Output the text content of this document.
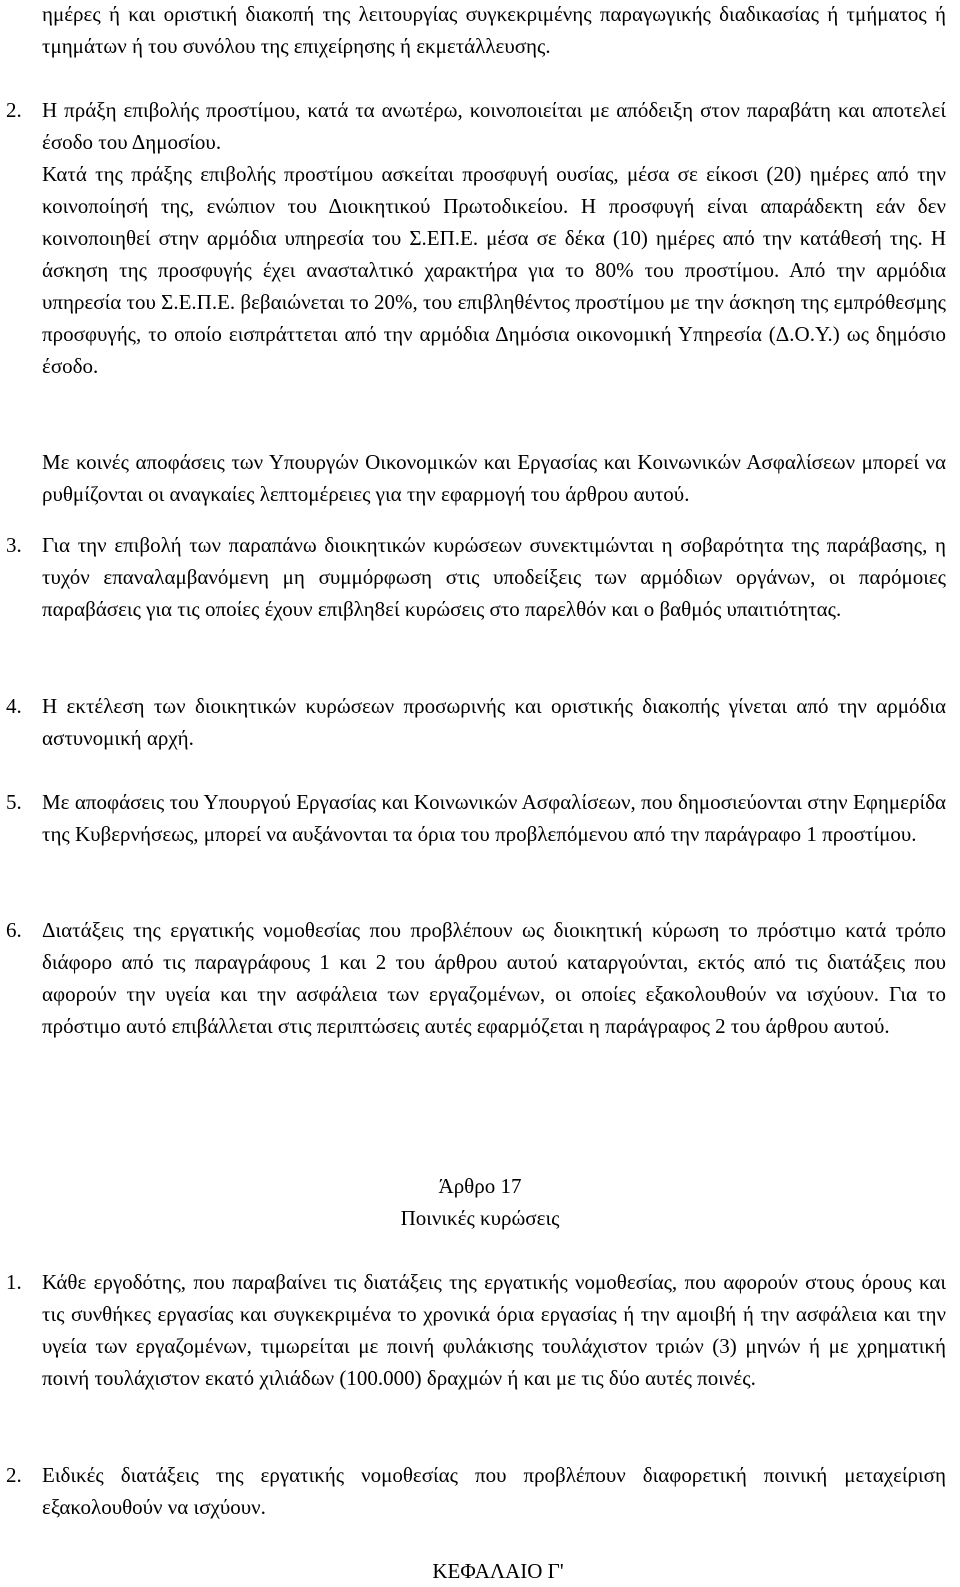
ημέρες ή και οριστική διακοπή της λειτουργίας συγκεκριμένης παραγωγικής διαδικασίας ή τμήματος ή τμημάτων ή του συνόλου της επιχείρησης ή εκμετάλλευσης.

2. Η πράξη επιβολής προστίμου, κατά τα ανωτέρω, κοινοποιείται με απόδειξη στον παραβάτη και αποτελεί έσοδο του Δημοσίου.

Κατά της πράξης επιβολής προστίμου ασκείται προσφυγή ουσίας, μέσα σε είκοσι (20) ημέρες από την κοινοποίησή της, ενώπιον του Διοικητικού Πρωτοδικείου. Η προσφυγή είναι απαράδεκτη εάν δεν κοινοποιηθεί στην αρμόδια υπηρεσία του Σ.ΕΠ.Ε. μέσα σε δέκα (10) ημέρες από την κατάθεσή της. Η άσκηση της προσφυγής έχει ανασταλτικό χαρακτήρα για το 80% του προστίμου. Από την αρμόδια υπηρεσία του Σ.Ε.Π.Ε. βεβαιώνεται το 20%, του επιβληθέντος προστίμου με την άσκηση της εμπρόθεσμης προσφυγής, το οποίο εισπράττεται από την αρμόδια Δημόσια οικονομική Υπηρεσία (Δ.Ο.Υ.) ως δημόσιο έσοδο.

Με κοινές αποφάσεις των Υπουργών Οικονομικών και Εργασίας και Κοινωνικών Ασφαλίσεων μπορεί να ρυθμίζονται οι αναγκαίες λεπτομέρειες για την εφαρμογή του άρθρου αυτού.

3. Για την επιβολή των παραπάνω διοικητικών κυρώσεων συνεκτιμώνται η σοβαρότητα της παράβασης, η τυχόν επαναλαμβανόμενη μη συμμόρφωση στις υποδείξεις των αρμόδιων οργάνων, οι παρόμοιες παραβάσεις για τις οποίες έχουν επιβλη8εί κυρώσεις στο παρελθόν και ο βαθμός υπαιτιότητας.

4. Η εκτέλεση των διοικητικών κυρώσεων προσωρινής και οριστικής διακοπής γίνεται από την αρμόδια αστυνομική αρχή.

5. Με αποφάσεις του Υπουργού Εργασίας και Κοινωνικών Ασφαλίσεων, που δημοσιεύονται στην Εφημερίδα της Κυβερνήσεως, μπορεί να αυξάνονται τα όρια του προβλεπόμενου από την παράγραφο 1 προστίμου.

6. Διατάξεις της εργατικής νομοθεσίας που προβλέπουν ως διοικητική κύρωση το πρόστιμο κατά τρόπο διάφορο από τις παραγράφους 1 και 2 του άρθρου αυτού καταργούνται, εκτός από τις διατάξεις που αφορούν την υγεία και την ασφάλεια των εργαζομένων, οι οποίες εξακολουθούν να ισχύουν. Για το πρόστιμο αυτό επιβάλλεται στις περιπτώσεις αυτές εφαρμόζεται η παράγραφος 2 του άρθρου αυτού.

Άρθρο 17

Ποινικές κυρώσεις

1. Κάθε εργοδότης, που παραβαίνει τις διατάξεις της εργατικής νομοθεσίας, που αφορούν στους όρους και τις συνθήκες εργασίας και συγκεκριμένα το χρονικά όρια εργασίας ή την αμοιβή ή την ασφάλεια και την υγεία των εργαζομένων, τιμωρείται με ποινή φυλάκισης τουλάχιστον τριών (3) μηνών ή με χρηματική ποινή τουλάχιστον εκατό χιλιάδων (100.000) δραχμών ή και με τις δύο αυτές ποινές.

2. Ειδικές διατάξεις της εργατικής νομοθεσίας που προβλέπουν διαφορετική ποινική μεταχείριση εξακολουθούν να ισχύουν.

ΚΕΦΑΛΑΙΟ Γ'
